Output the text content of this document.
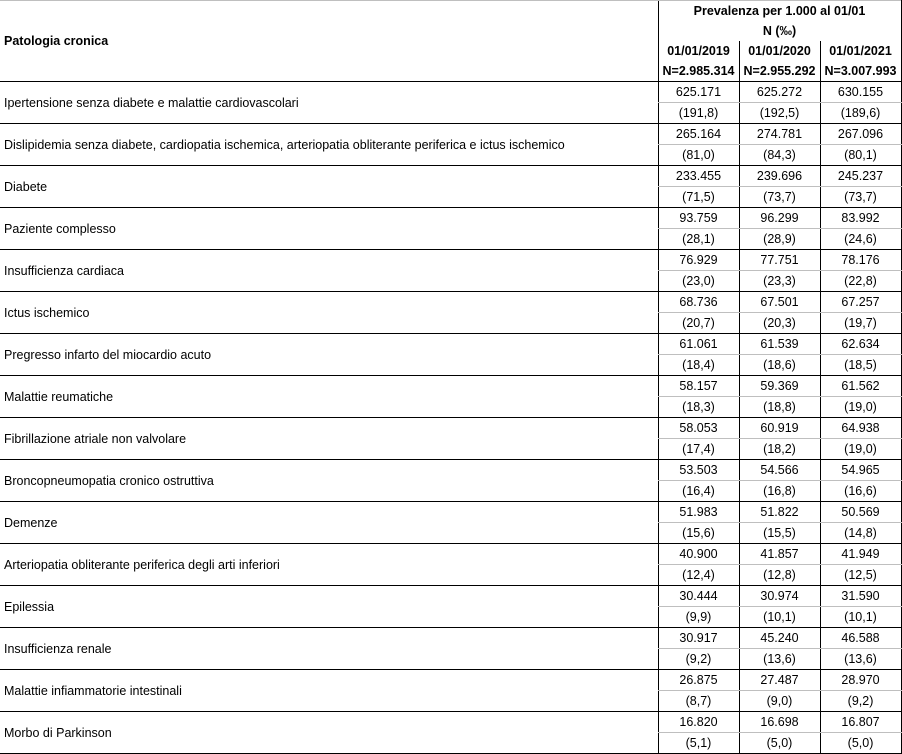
Patologia cronica	Prevalenza per 1.000 al 01/01		
	N (‰)		
	01/01/2019	01/01/2020	01/01/2021
	N=2.985.314	N=2.955.292	N=3.007.993
Ipertensione senza diabete e malattie cardiovascolari	625.171	625.272	630.155
	(191,8)	(192,5)	(189,6)
Dislipidemia senza diabete, cardiopatia ischemica, arteriopatia obliterante periferica e ictus ischemico	265.164	274.781	267.096
	(81,0)	(84,3)	(80,1)
Diabete	233.455	239.696	245.237
	(71,5)	(73,7)	(73,7)
Paziente complesso	93.759	96.299	83.992
	(28,1)	(28,9)	(24,6)
Insufficienza cardiaca	76.929	77.751	78.176
	(23,0)	(23,3)	(22,8)
Ictus ischemico	68.736	67.501	67.257
	(20,7)	(20,3)	(19,7)
Pregresso infarto del miocardio acuto	61.061	61.539	62.634
	(18,4)	(18,6)	(18,5)
Malattie reumatiche	58.157	59.369	61.562
	(18,3)	(18,8)	(19,0)
Fibrillazione atriale non valvolare	58.053	60.919	64.938
	(17,4)	(18,2)	(19,0)
Broncopneumopatia cronico ostruttiva	53.503	54.566	54.965
	(16,4)	(16,8)	(16,6)
Demenze	51.983	51.822	50.569
	(15,6)	(15,5)	(14,8)
Arteriopatia obliterante periferica degli arti inferiori	40.900	41.857	41.949
	(12,4)	(12,8)	(12,5)
Epilessia	30.444	30.974	31.590
	(9,9)	(10,1)	(10,1)
Insufficienza renale	30.917	45.240	46.588
	(9,2)	(13,6)	(13,6)
Malattie infiammatorie intestinali	26.875	27.487	28.970
	(8,7)	(9,0)	(9,2)
Morbo di Parkinson	16.820	16.698	16.807
	(5,1)	(5,0)	(5,0)
